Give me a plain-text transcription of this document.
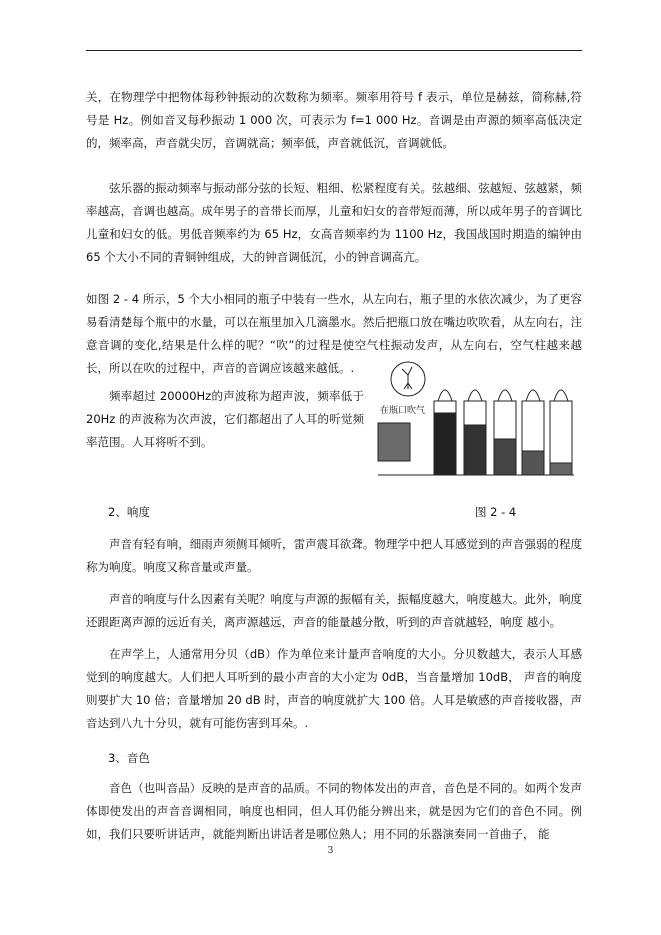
关，在物理学中把物体每秒钟振动的次数称为频率。频率用符号 f 表示，单位是赫兹，简称赫,符号是 Hz。例如音叉每秒振动 1 000 次，可表示为 f=1 000 Hz。音调是由声源的频率高低决定的，频率高，声音就尖厉，音调就高；频率低，声音就低沉，音调就低。

弦乐器的振动频率与振动部分弦的长短、粗细、松紧程度有关。弦越细、弦越短、弦越紧，频率越高，音调也越高。成年男子的音带长而厚，儿童和妇女的音带短而薄，所以成年男子的音调比儿童和妇女的低。男低音频率约为 65 Hz，女高音频率约为 1100 Hz，我国战国时期造的编钟由 65 个大小不同的青铜钟组成，大的钟音调低沉，小的钟音调高亢。

如图 2 - 4 所示，5 个大小相同的瓶子中装有一些水，从左向右，瓶子里的水依次减少，为了更容易看清楚每个瓶中的水量，可以在瓶里加入几滴墨水。然后把瓶口放在嘴边吹吹看，从左向右，注意音调的变化,结果是什么样的呢？“吹”的过程是使空气柱振动发声，从左向右，空气柱越来越长，所以在吹的过程中，声音的音调应该越来越低。.

频率超过 20000Hz的声波称为超声波，频率低于 20Hz 的声波称为次声波，它们都超出了人耳的听觉频率范围。人耳将听不到。

在瓶口吹气

2、响度	图 2 - 4

声音有轻有响，细雨声须侧耳倾听，雷声震耳欲聋。物理学中把人耳感觉到的声音强弱的程度称为响度。响度又称音量或声量。

声音的响度与什么因素有关呢？响度与声源的振幅有关，振幅度越大，响度越大。此外，响度还跟距离声源的远近有关，离声源越远，声音的能量越分散，听到的声音就越轻，响度 越小。

在声学上，人通常用分贝（dB）作为单位来计量声音响度的大小。分贝数越大，表示人耳感觉到的响度越大。人们把人耳听到的最小声音的大小定为 0dB，当音量增加 10dB， 声音的响度则要扩大 10 倍；音量增加 20 dB 时，声音的响度就扩大 100 倍。人耳是敏感的声音接收器，声音达到八九十分贝，就有可能伤害到耳朵。.

3、音色

音色（也叫音品）反映的是声音的品质。不同的物体发出的声音，音色是不同的。如两个发声体即使发出的声音音调相同，响度也相同，但人耳仍能分辨出来，就是因为它们的音色不同。例如，我们只要听讲话声，就能判断出讲话者是哪位熟人；用不同的乐器演奏同一首曲子， 能

3
